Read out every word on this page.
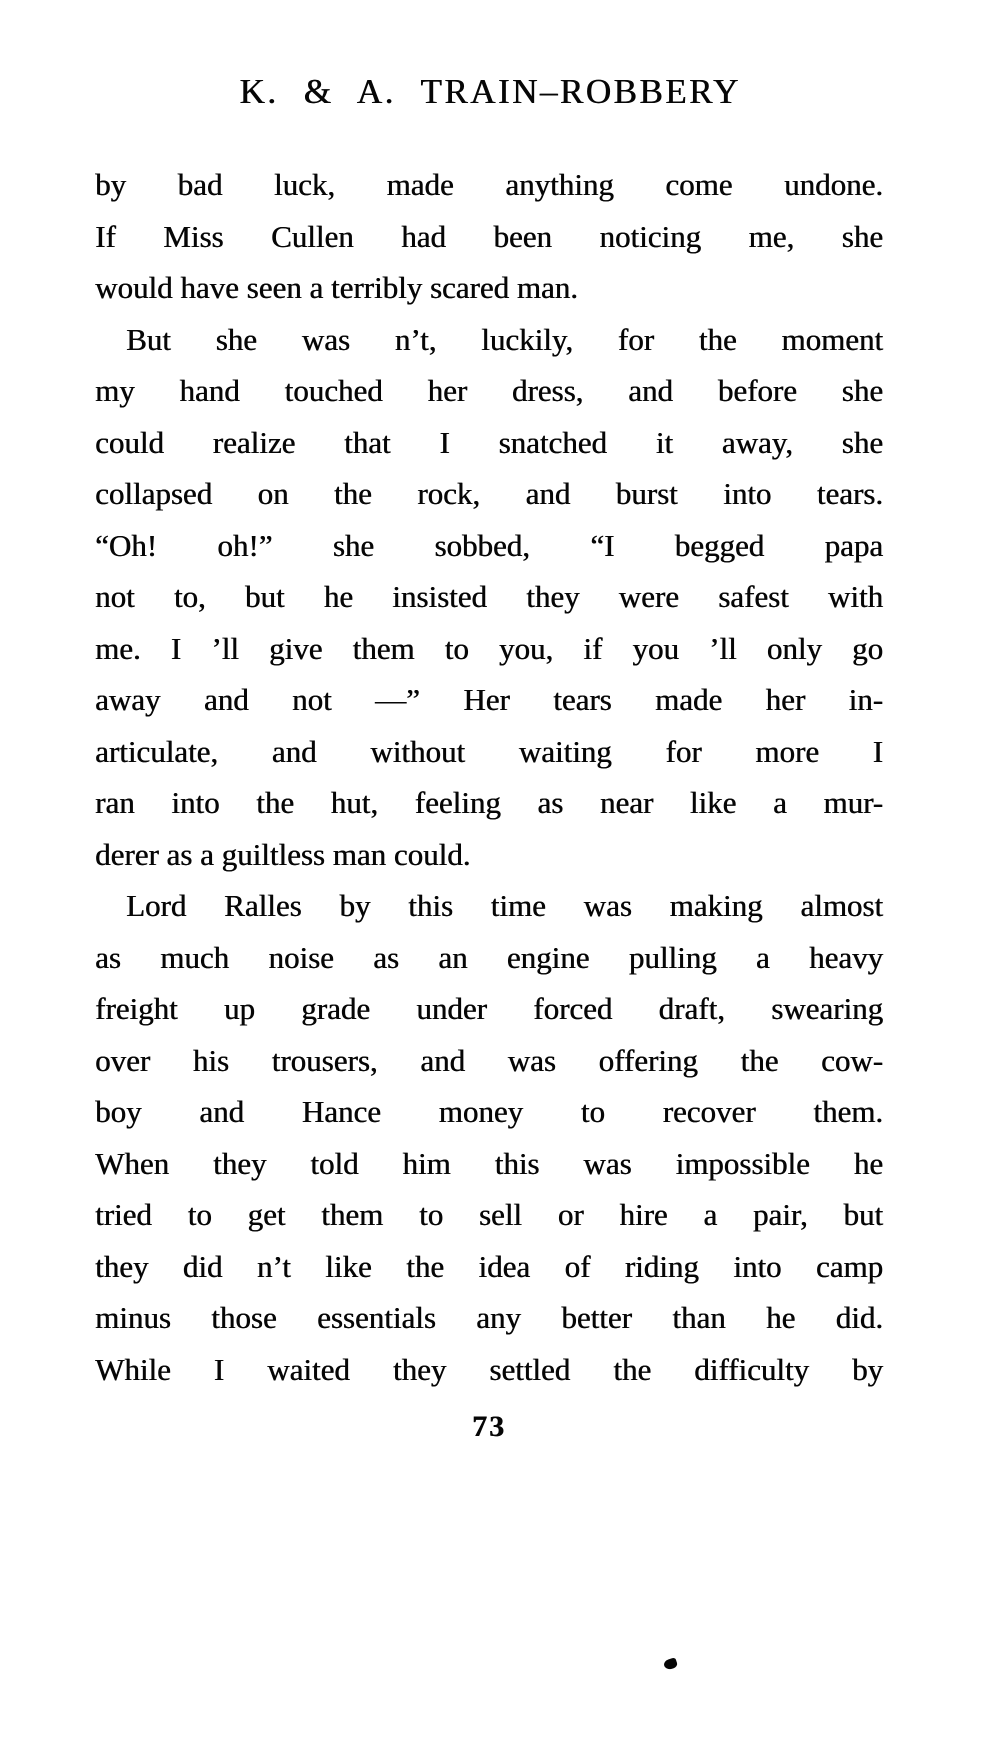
K. & A. TRAIN–ROBBERY
by bad luck, made anything come undone.
If Miss Cullen had been noticing me, she
would have seen a terribly scared man.
But she was n’t, luckily, for the moment
my hand touched her dress, and before she
could realize that I snatched it away, she
collapsed on the rock, and burst into tears.
“Oh! oh!” she sobbed, “I begged papa
not to, but he insisted they were safest with
me. I ’ll give them to you, if you ’ll only go
away and not —” Her tears made her in-
articulate, and without waiting for more I
ran into the hut, feeling as near like a mur-
derer as a guiltless man could.
Lord Ralles by this time was making almost
as much noise as an engine pulling a heavy
freight up grade under forced draft, swearing
over his trousers, and was offering the cow-
boy and Hance money to recover them.
When they told him this was impossible he
tried to get them to sell or hire a pair, but
they did n’t like the idea of riding into camp
minus those essentials any better than he did.
While I waited they settled the difficulty by
73
